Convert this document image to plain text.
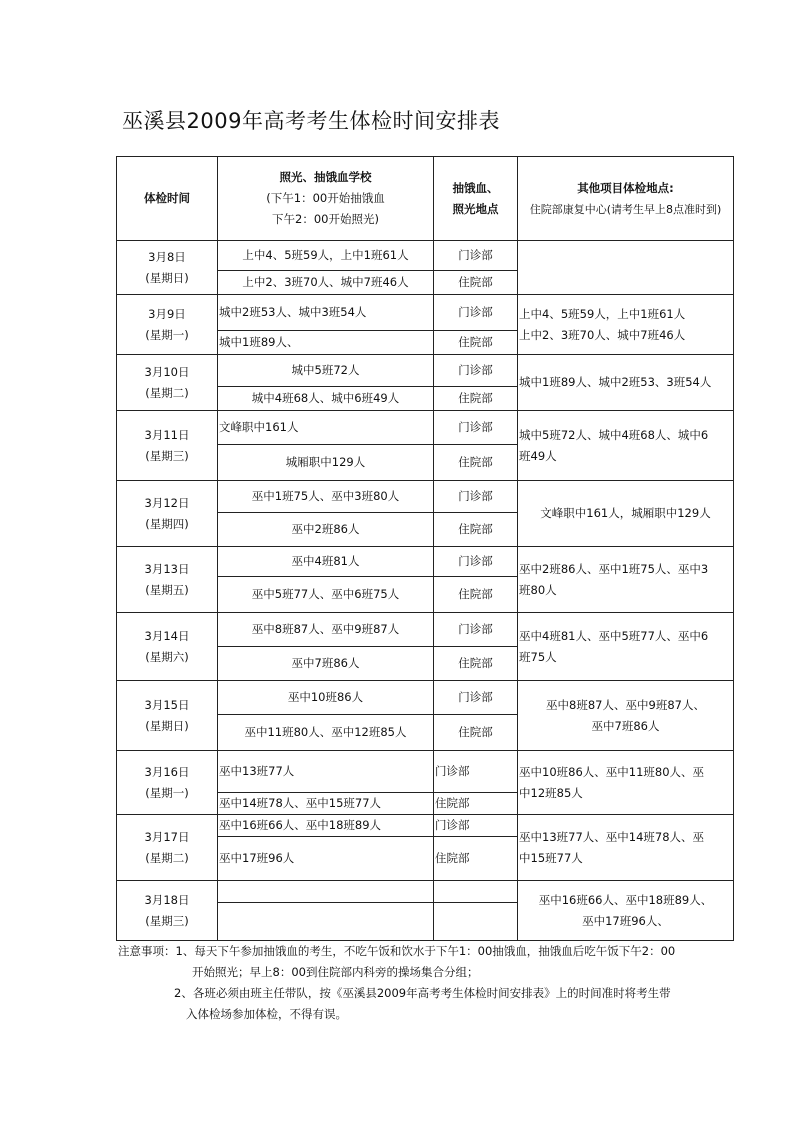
巫溪县2009年高考考生体检时间安排表
体检时间	照光、抽饿血学校
(下午1：00开始抽饿血
下午2：00开始照光)	抽饿血、
照光地点	其他项目体检地点:
住院部康复中心(请考生早上8点准时到)

3月8日
(星期日)	上中4、5班59人，上中1班61人	门诊部	
	上中2、3班70人、城中7班46人	住院部	

3月9日
(星期一)	城中2班53人、城中3班54人	门诊部	上中4、5班59人，上中1班61人
上中2、3班70人、城中7班46人

	城中1班89人、	住院部	

3月10日
(星期二)	城中5班72人	门诊部	城中1班89人、城中2班53、3班54人
	城中4班68人、城中6班49人	住院部	

3月11日
(星期三)	文峰职中161人	门诊部	城中5班72人、城中4班68人、城中6
班49人

	城厢职中129人	住院部	

3月12日
(星期四)	巫中1班75人、巫中3班80人	门诊部	文峰职中161人，城厢职中129人
	巫中2班86人	住院部	

3月13日
(星期五)	巫中4班81人	门诊部	巫中2班86人、巫中1班75人、巫中3
班80人

	巫中5班77人、巫中6班75人	住院部	

3月14日
(星期六)	巫中8班87人、巫中9班87人	门诊部	巫中4班81人、巫中5班77人、巫中6
班75人

	巫中7班86人	住院部	

3月15日
(星期日)	巫中10班86人	门诊部	巫中8班87人、巫中9班87人、
巫中7班86人

	巫中11班80人、巫中12班85人	住院部	

3月16日
(星期一)	巫中13班77人	门诊部	巫中10班86人、巫中11班80人、巫
中12班85人

	巫中14班78人、巫中15班77人	住院部	

3月17日
(星期二)	巫中16班66人、巫中18班89人	门诊部	巫中13班77人、巫中14班78人、巫
中15班77人

	巫中17班96人	住院部	

3月18日
(星期三)			巫中16班66人、巫中18班89人、
巫中17班96人、

注意事项：1、每天下午参加抽饿血的考生，不吃午饭和饮水于下午1：00抽饿血，抽饿血后吃午饭下午2：00
开始照光；早上8：00到住院部内科旁的操场集合分组；
2、各班必须由班主任带队，按《巫溪县2009年高考考生体检时间安排表》上的时间准时将考生带
入体检场参加体检，不得有误。
